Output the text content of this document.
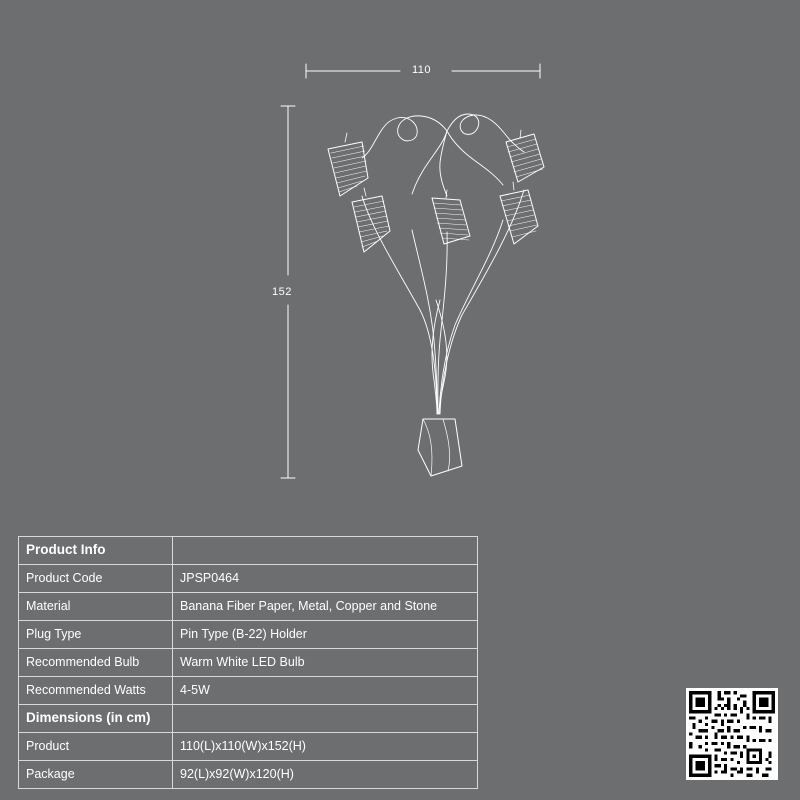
110
152
Product Info	
Product Code	JPSP0464
Material	Banana Fiber Paper, Metal, Copper and Stone
Plug Type	Pin Type (B-22) Holder
Recommended Bulb	Warm White LED Bulb
Recommended Watts	4-5W
Dimensions (in cm)	
Product	110(L)x110(W)x152(H)
Package	92(L)x92(W)x120(H)
